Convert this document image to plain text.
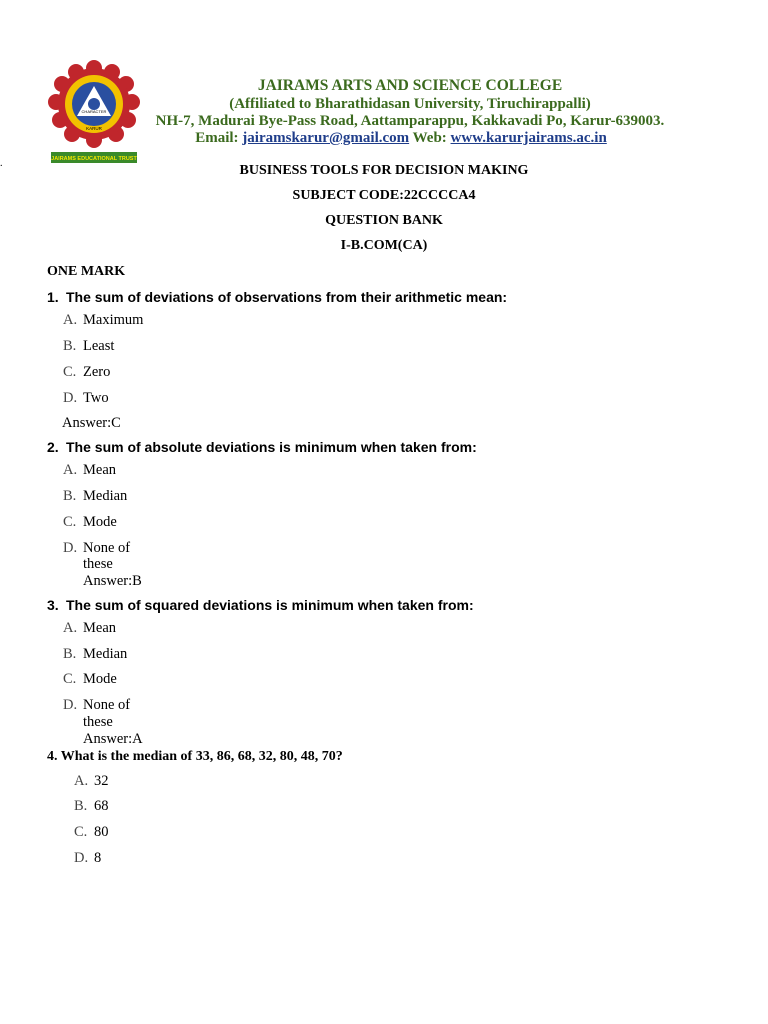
CHARACTER
KARUR
JAIRAMS EDUCATIONAL TRUST
JAIRAMS ARTS AND SCIENCE COLLEGE
(Affiliated to Bharathidasan University, Tiruchirappalli)
NH-7, Madurai Bye-Pass Road, Aattamparappu, Kakkavadi Po, Karur-639003.
Email: jairamskarur@gmail.com Web: www.karurjairams.ac.in
.	BUSINESS TOOLS FOR DECISION MAKING
SUBJECT CODE:22CCCCA4
QUESTION BANK
I-B.COM(CA)
ONE MARK
1. The sum of deviations of observations from their arithmetic mean:
A. Maximum
B. Least
C. Zero
D. Two
Answer:C
2. The sum of absolute deviations is minimum when taken from:
A. Mean
B. Median
C. Mode
D. None of
these
Answer:B
3. The sum of squared deviations is minimum when taken from:
A. Mean
B. Median
C. Mode
D. None of
these
Answer:A
4. What is the median of 33, 86, 68, 32, 80, 48, 70?
A. 32
B. 68
C. 80
D. 8
